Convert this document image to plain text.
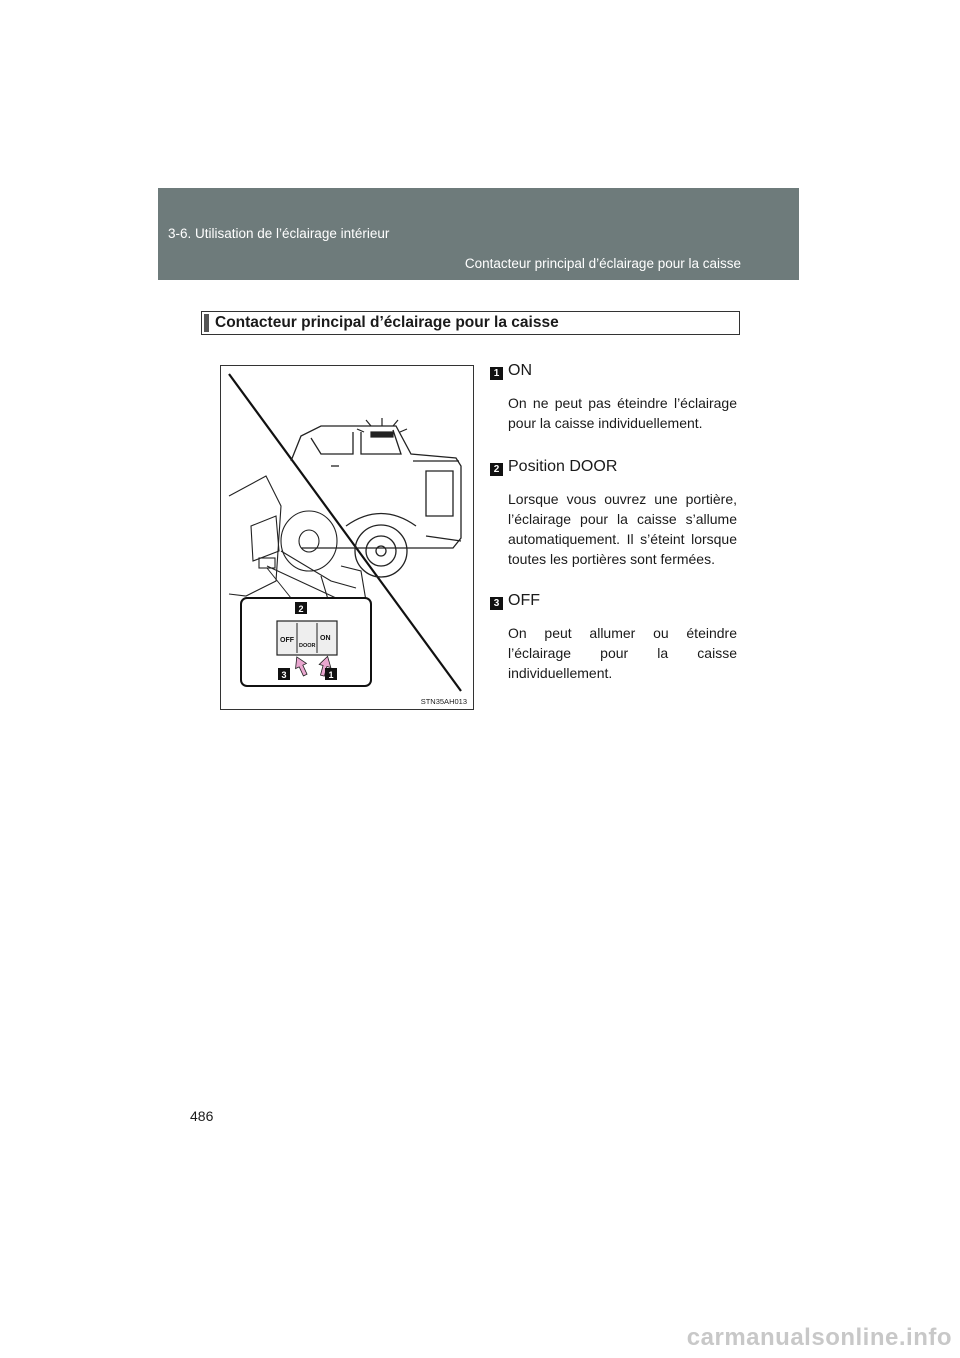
3-6. Utilisation de l’éclairage intérieur
Contacteur principal d’éclairage pour la caisse
Contacteur principal d’éclairage pour la caisse
OFF
DOOR
ON
2
3	1
STN35AH013
1 ON
On ne peut pas éteindre l’éclairage pour la caisse individuellement.
2 Position DOOR
Lorsque vous ouvrez une portière, l’éclairage pour la caisse s’allume automatiquement. Il s’éteint lorsque toutes les portières sont fermées.
3 OFF
On peut allumer ou éteindre l’éclairage pour la caisse individuellement.
486
carmanualsonline.info
